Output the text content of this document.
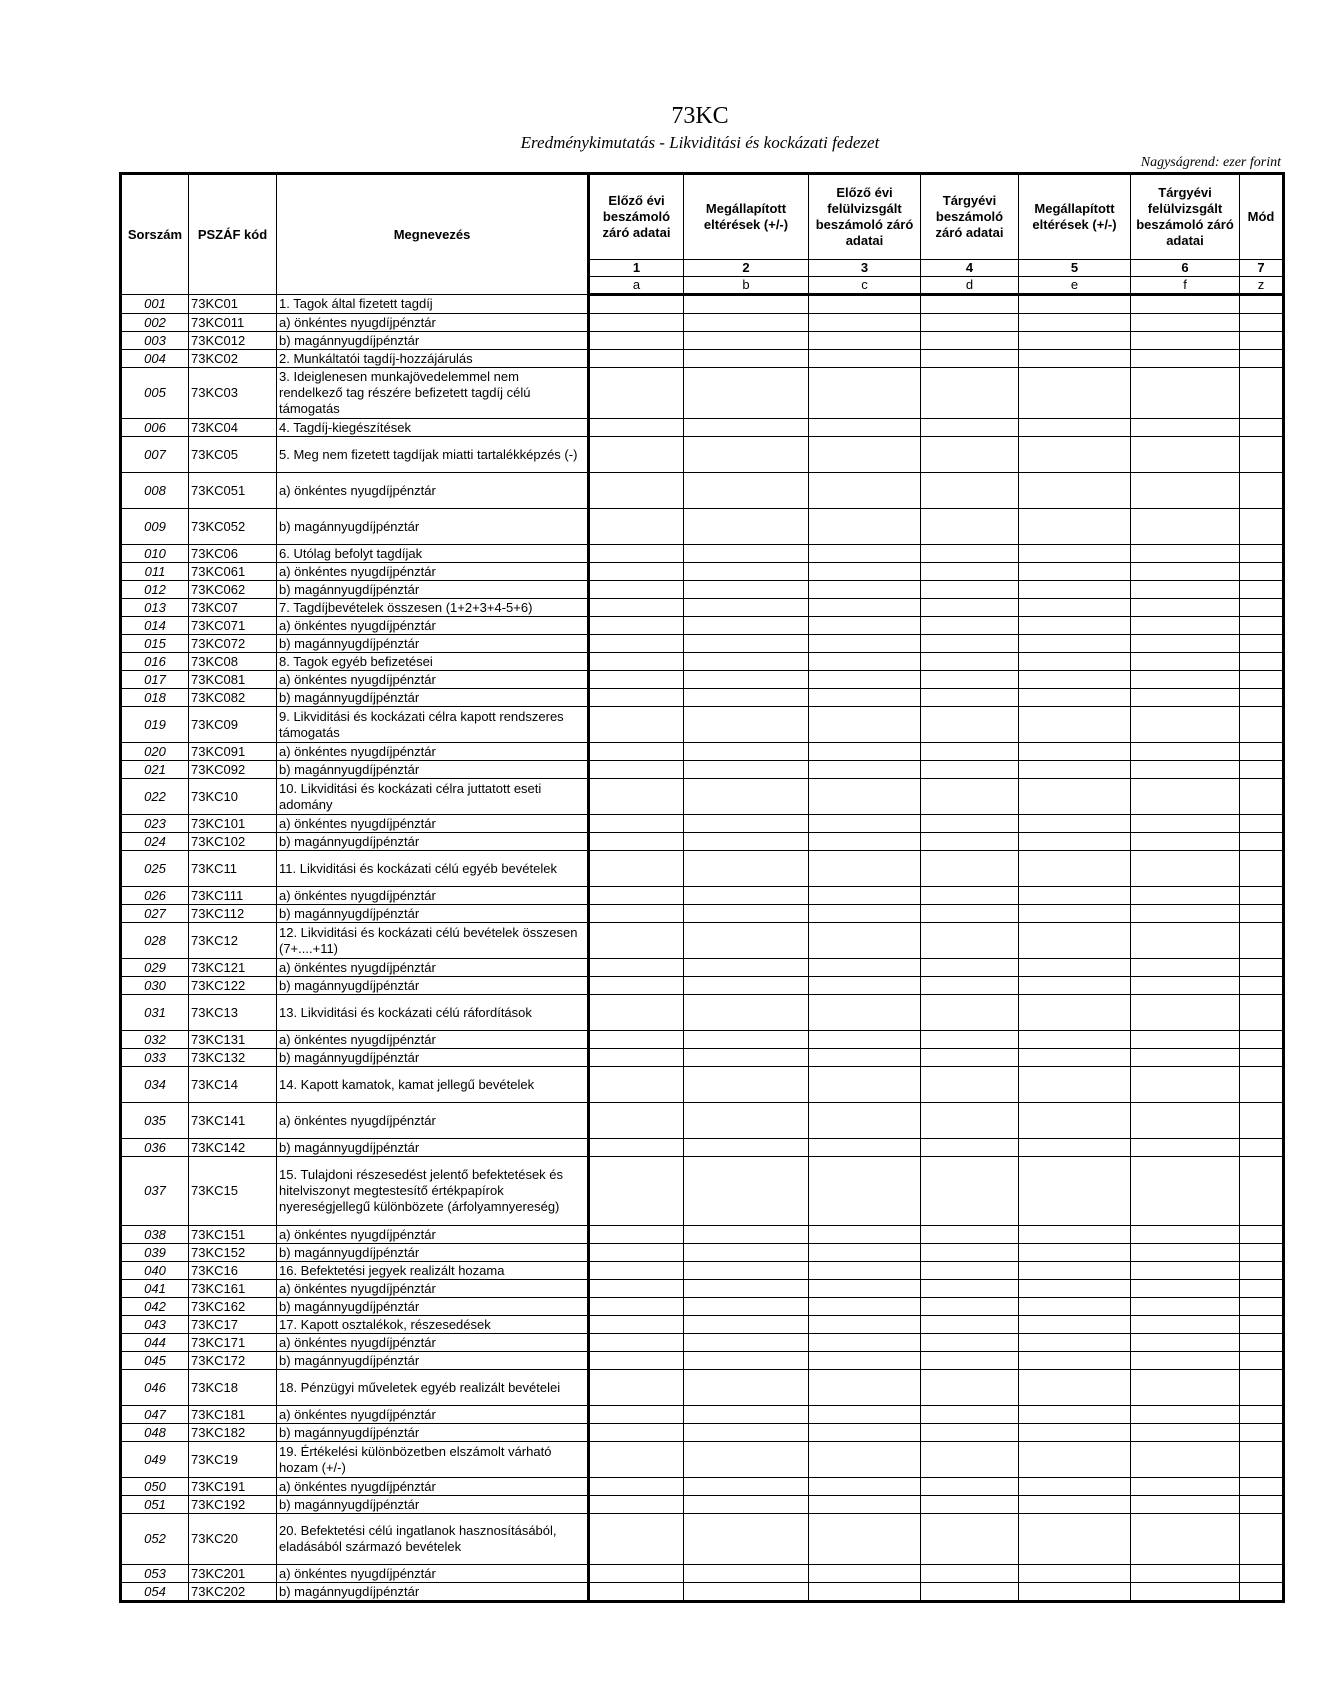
73KC
Eredménykimutatás - Likviditási és kockázati fedezet
Nagyságrend: ezer forint
Sorszám	PSZÁF kód	Megnevezés	Előző évi beszámoló záró adatai	Megállapított eltérések (+/-)	Előző évi felülvizsgált beszámoló záró adatai	Tárgyévi beszámoló záró adatai	Megállapított eltérések (+/-)	Tárgyévi felülvizsgált beszámoló záró adatai	Mód
			1	2	3	4	5	6	7
			a	b	c	d	e	f	z
001	73KC01	1. Tagok által fizetett tagdíj							
002	73KC011	a) önkéntes nyugdíjpénztár							
003	73KC012	b) magánnyugdíjpénztár							
004	73KC02	2. Munkáltatói tagdíj-hozzájárulás							
005	73KC03	3. Ideiglenesen munkajövedelemmel nem rendelkező tag részére befizetett tagdíj célú támogatás							
006	73KC04	4. Tagdíj-kiegészítések							
007	73KC05	5. Meg nem fizetett tagdíjak miatti tartalékképzés (-)							
008	73KC051	a) önkéntes nyugdíjpénztár							
009	73KC052	b) magánnyugdíjpénztár							
010	73KC06	6. Utólag befolyt tagdíjak							
011	73KC061	a) önkéntes nyugdíjpénztár							
012	73KC062	b) magánnyugdíjpénztár							
013	73KC07	7. Tagdíjbevételek összesen (1+2+3+4-5+6)							
014	73KC071	a) önkéntes nyugdíjpénztár							
015	73KC072	b) magánnyugdíjpénztár							
016	73KC08	8. Tagok egyéb befizetései							
017	73KC081	a) önkéntes nyugdíjpénztár							
018	73KC082	b) magánnyugdíjpénztár							
019	73KC09	9. Likviditási és kockázati célra kapott rendszeres támogatás							
020	73KC091	a) önkéntes nyugdíjpénztár							
021	73KC092	b) magánnyugdíjpénztár							
022	73KC10	10. Likviditási és kockázati célra juttatott eseti adomány							
023	73KC101	a) önkéntes nyugdíjpénztár							
024	73KC102	b) magánnyugdíjpénztár							
025	73KC11	11. Likviditási és kockázati célú egyéb bevételek							
026	73KC111	a) önkéntes nyugdíjpénztár							
027	73KC112	b) magánnyugdíjpénztár							
028	73KC12	12. Likviditási és kockázati célú bevételek összesen (7+....+11)							
029	73KC121	a) önkéntes nyugdíjpénztár							
030	73KC122	b) magánnyugdíjpénztár							
031	73KC13	13. Likviditási és kockázati célú ráfordítások							
032	73KC131	a) önkéntes nyugdíjpénztár							
033	73KC132	b) magánnyugdíjpénztár							
034	73KC14	14. Kapott kamatok, kamat jellegű bevételek							
035	73KC141	a) önkéntes nyugdíjpénztár							
036	73KC142	b) magánnyugdíjpénztár							
037	73KC15	15. Tulajdoni részesedést jelentő befektetések és hitelviszonyt megtestesítő értékpapírok nyereségjellegű különbözete (árfolyamnyereség)							
038	73KC151	a) önkéntes nyugdíjpénztár							
039	73KC152	b) magánnyugdíjpénztár							
040	73KC16	16. Befektetési jegyek realizált hozama							
041	73KC161	a) önkéntes nyugdíjpénztár							
042	73KC162	b) magánnyugdíjpénztár							
043	73KC17	17. Kapott osztalékok, részesedések							
044	73KC171	a) önkéntes nyugdíjpénztár							
045	73KC172	b) magánnyugdíjpénztár							
046	73KC18	18. Pénzügyi műveletek egyéb realizált bevételei							
047	73KC181	a) önkéntes nyugdíjpénztár							
048	73KC182	b) magánnyugdíjpénztár							
049	73KC19	19. Értékelési különbözetben elszámolt várható hozam (+/-)							
050	73KC191	a) önkéntes nyugdíjpénztár							
051	73KC192	b) magánnyugdíjpénztár							
052	73KC20	20. Befektetési célú ingatlanok hasznosításából, eladásából származó bevételek							
053	73KC201	a) önkéntes nyugdíjpénztár							
054	73KC202	b) magánnyugdíjpénztár							
